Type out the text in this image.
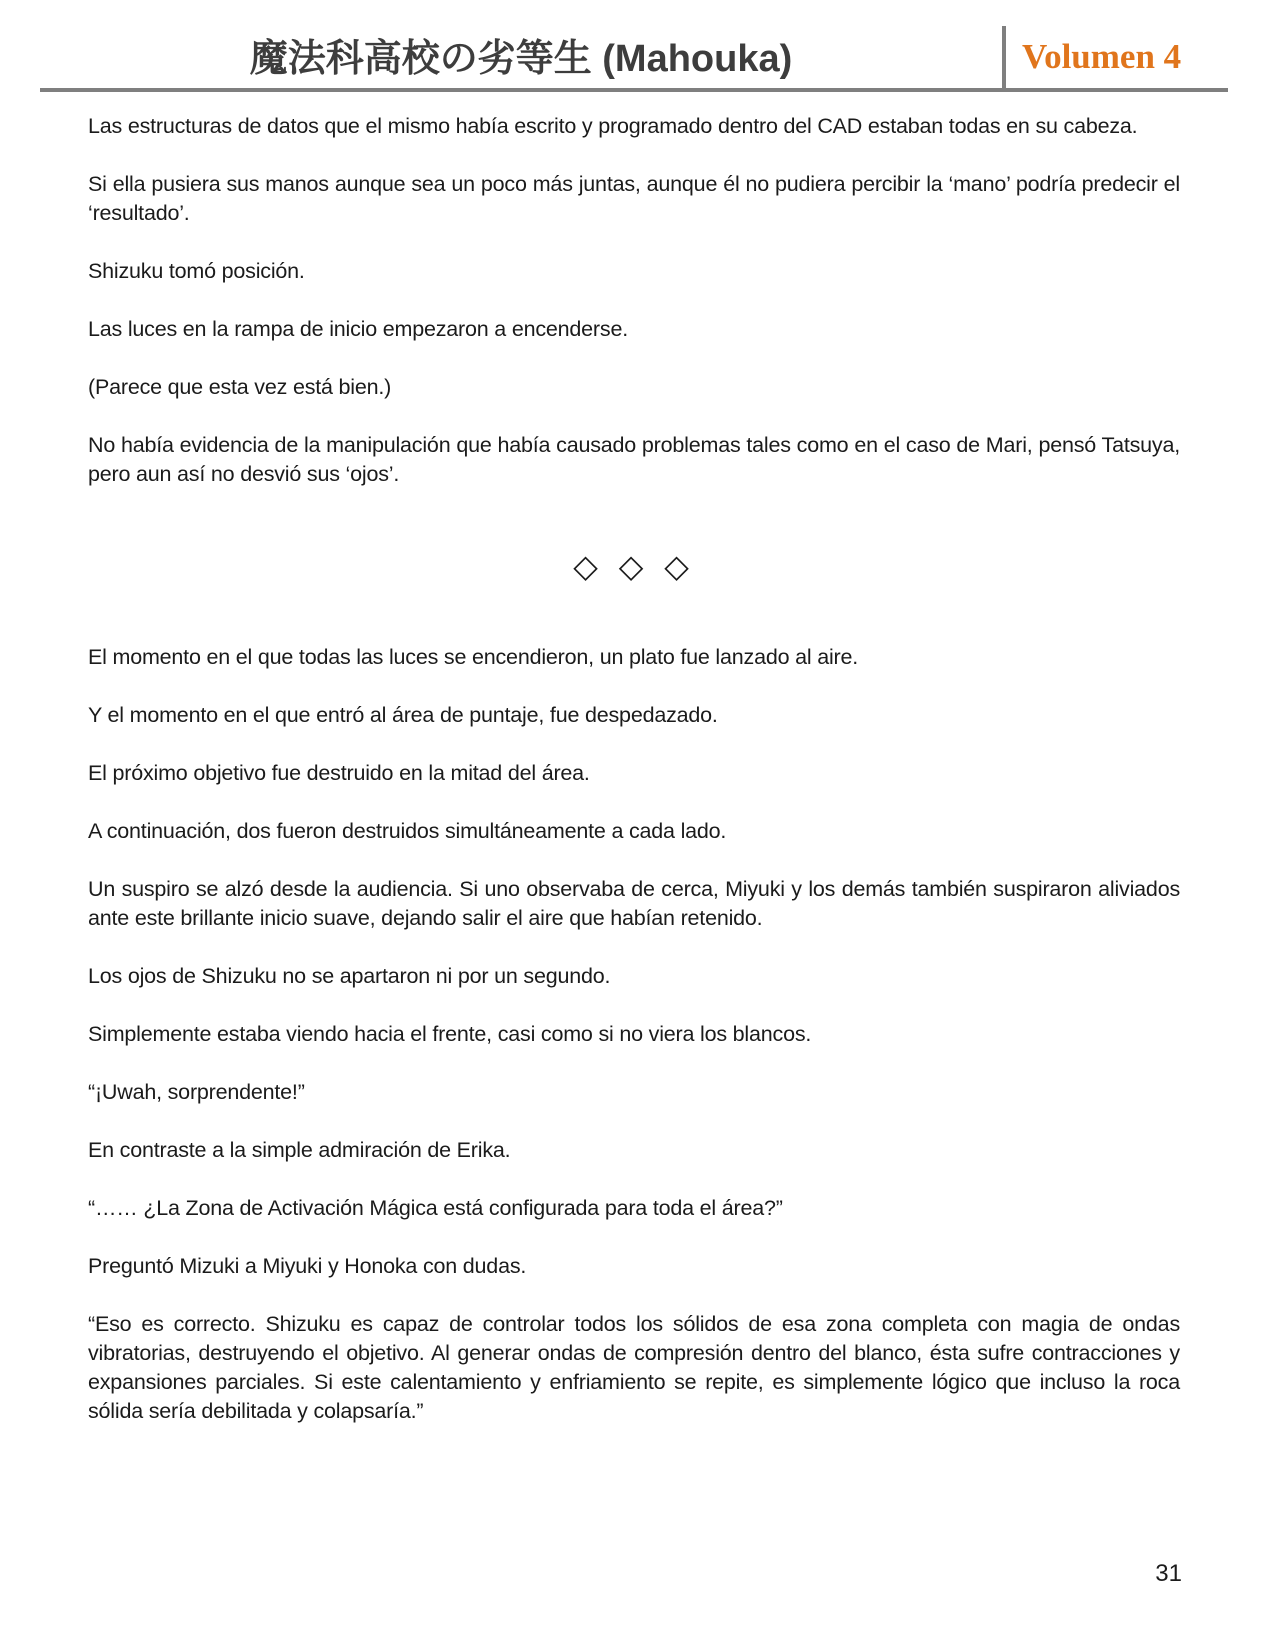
魔法科高校の劣等生 (Mahouka)	Volumen 4

Las estructuras de datos que el mismo había escrito y programado dentro del CAD estaban todas en su cabeza.

Si ella pusiera sus manos aunque sea un poco más juntas, aunque él no pudiera percibir la ‘mano’ podría predecir el ‘resultado’.

Shizuku tomó posición.

Las luces en la rampa de inicio empezaron a encenderse.

(Parece que esta vez está bien.)

No había evidencia de la manipulación que había causado problemas tales como en el caso de Mari, pensó Tatsuya, pero aun así no desvió sus ‘ojos’.

◇ ◇ ◇

El momento en el que todas las luces se encendieron, un plato fue lanzado al aire.

Y el momento en el que entró al área de puntaje, fue despedazado.

El próximo objetivo fue destruido en la mitad del área.

A continuación, dos fueron destruidos simultáneamente a cada lado.

Un suspiro se alzó desde la audiencia. Si uno observaba de cerca, Miyuki y los demás también suspiraron aliviados ante este brillante inicio suave, dejando salir el aire que habían retenido.

Los ojos de Shizuku no se apartaron ni por un segundo.

Simplemente estaba viendo hacia el frente, casi como si no viera los blancos.

“¡Uwah, sorprendente!”

En contraste a la simple admiración de Erika.

“…… ¿La Zona de Activación Mágica está configurada para toda el área?”

Preguntó Mizuki a Miyuki y Honoka con dudas.

“Eso es correcto. Shizuku es capaz de controlar todos los sólidos de esa zona completa con magia de ondas vibratorias, destruyendo el objetivo. Al generar ondas de compresión dentro del blanco, ésta sufre contracciones y expansiones parciales. Si este calentamiento y enfriamiento se repite, es simplemente lógico que incluso la roca sólida sería debilitada y colapsaría.”

31
